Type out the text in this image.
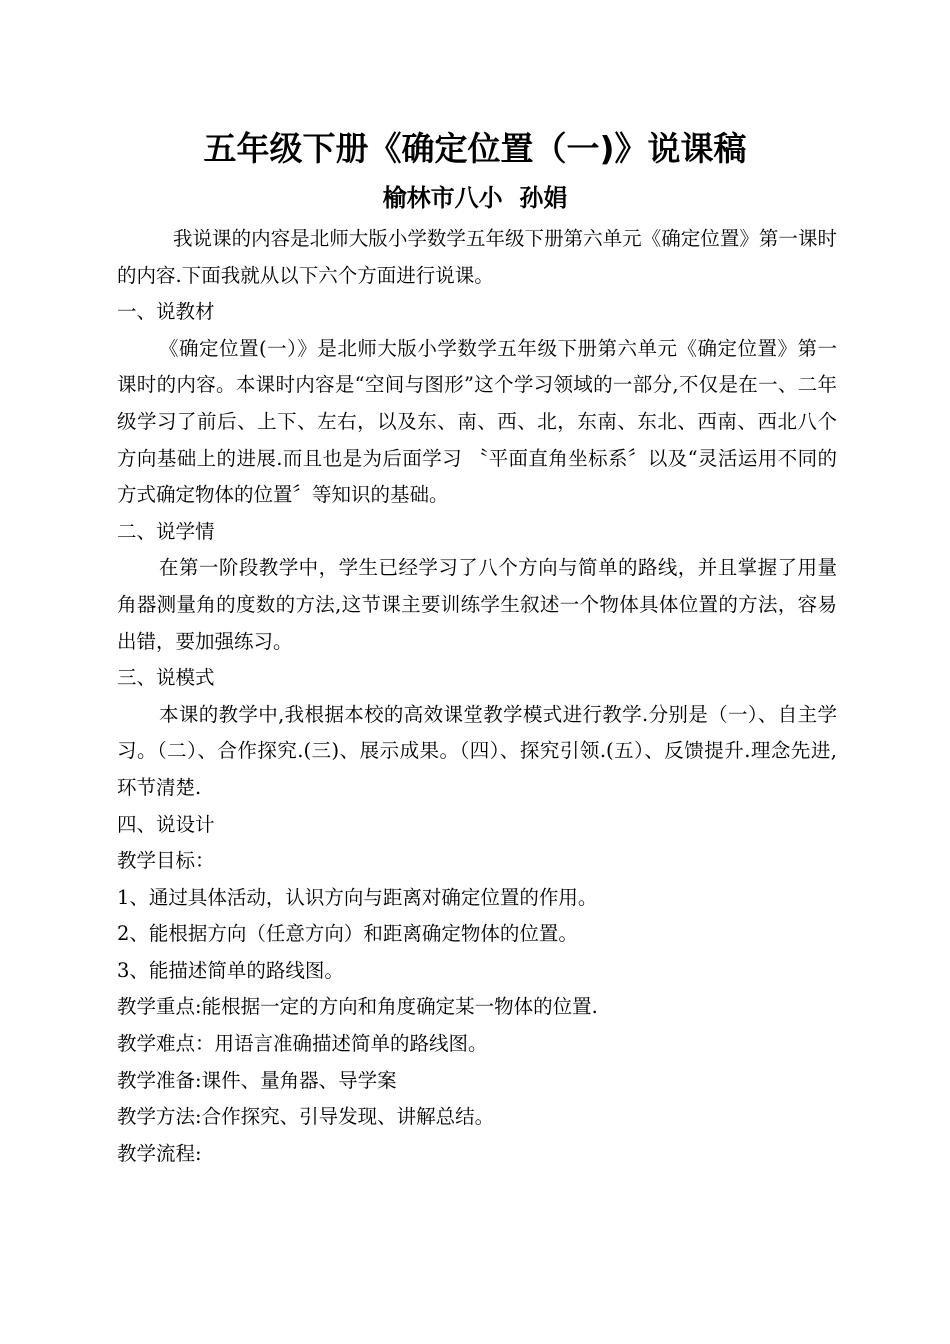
五年级下册《确定位置（一)》说课稿
榆林市八小  孙娟

我说课的内容是北师大版小学数学五年级下册第六单元《确定位置》第一课时的内容.下面我就从以下六个方面进行说课。

一、说教材

《确定位置(一）》是北师大版小学数学五年级下册第六单元《确定位置》第一课时的内容。本课时内容是“空间与图形”这个学习领域的一部分,不仅是在一、二年级学习了前后、上下、左右，以及东、南、西、北，东南、东北、西南、西北八个方向基础上的进展.而且也是为后面学习 〝平面直角坐标系〞以及“灵活运用不同的方式确定物体的位置〞等知识的基础。

二、说学情

在第一阶段教学中，学生已经学习了八个方向与简单的路线，并且掌握了用量角器测量角的度数的方法,这节课主要训练学生叙述一个物体具体位置的方法，容易出错，要加强练习。

三、说模式

本课的教学中,我根据本校的高效课堂教学模式进行教学.分别是（一）、自主学习。（二）、合作探究.(三)、展示成果。（四）、探究引领.(五）、反馈提升.理念先进,环节清楚.

四、说设计

教学目标：

1、通过具体活动，认识方向与距离对确定位置的作用。

2、能根据方向（任意方向）和距离确定物体的位置。

3、能描述简单的路线图。

教学重点:能根据一定的方向和角度确定某一物体的位置.

教学难点：用语言准确描述简单的路线图。

教学准备:课件、量角器、导学案

教学方法:合作探究、引导发现、讲解总结。

教学流程:
